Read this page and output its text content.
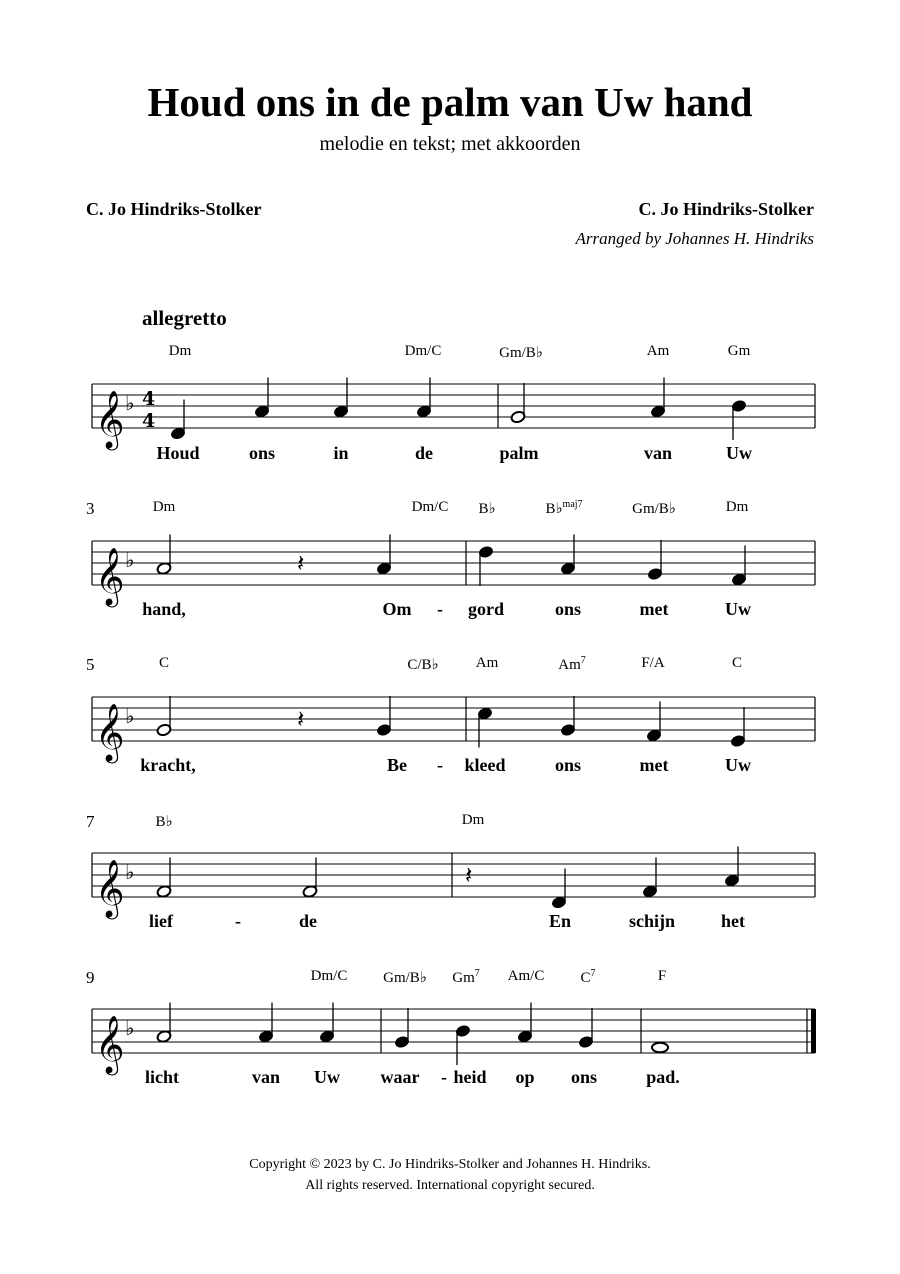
Houd ons in de palm van Uw hand
melodie en tekst; met akkoorden
C. Jo Hindriks-Stolker	C. Jo Hindriks-Stolker
Arranged by Johannes H. Hindriks
allegretto
Dm	Dm/C	Gm/B♭	Am	Gm
Houd	ons	in	de	palm	van	Uw
3	Dm	Dm/C B♭	B♭$^{maj7}$	Gm/B♭	Dm
hand,	Om - gord	ons	met	Uw
5	C	C/B♭ Am	Am$^7$	F/A	C
kracht,	Be - kleed	ons	met	Uw
7	B♭	Dm
lief	-	de	En	schijn	het
9	Dm/C Gm/B♭ Gm$^7$ Am/C $C^7$	F
licht	van Uw waar - heid op ons	pad.
Copyright © 2023 by C. Jo Hindriks-Stolker and Johannes H. Hindriks.
All rights reserved. International copyright secured.
𝄞 ♭ 4
4
𝄞 ♭	𝄽
𝄞 ♭	𝄽
𝄞 ♭	𝄽
𝄞 ♭
